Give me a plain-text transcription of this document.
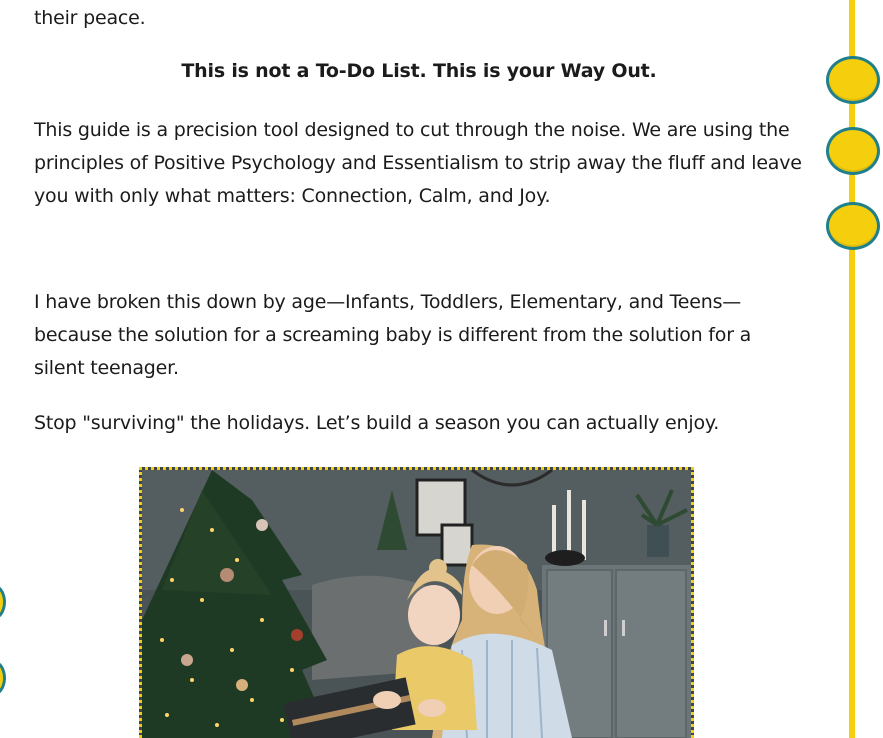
their peace.

This is not a To-Do List. This is your Way Out.

This guide is a precision tool designed to cut through the noise. We are using the principles of Positive Psychology and Essentialism to strip away the fluff and leave you with only what matters: Connection, Calm, and Joy.

I have broken this down by age—Infants, Toddlers, Elementary, and Teens—because the solution for a screaming baby is different from the solution for a silent teenager.

Stop "surviving" the holidays. Let’s build a season you can actually enjoy.
